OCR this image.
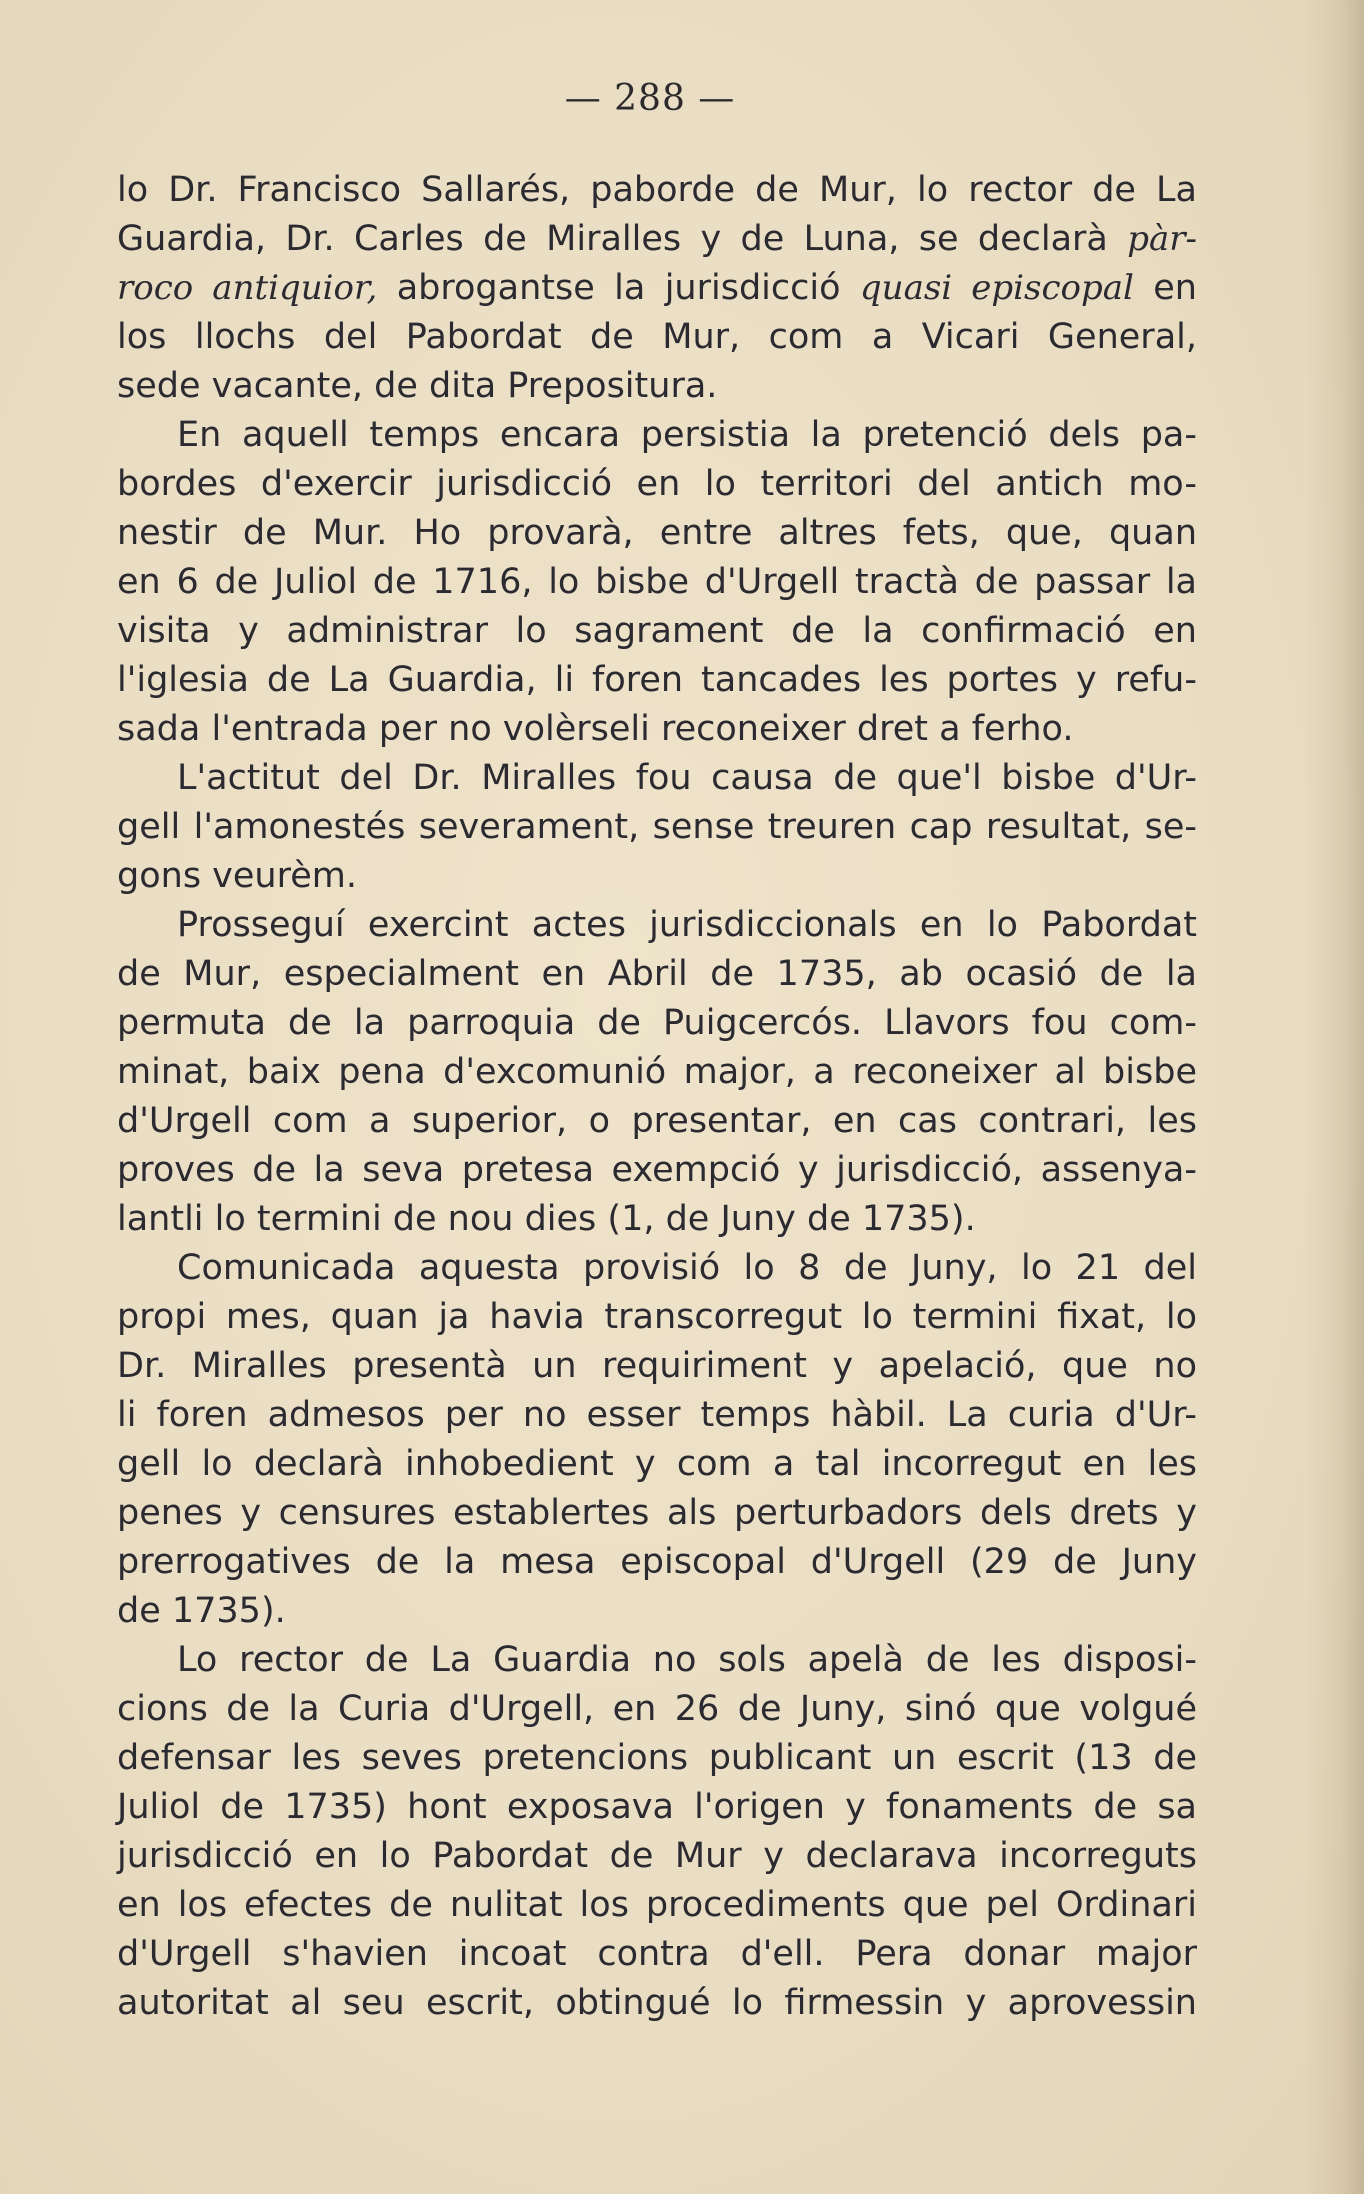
— 288 —
lo Dr. Francisco Sallarés, paborde de Mur, lo rector de La
Guardia, Dr. Carles de Miralles y de Luna, se declarà pàr-
roco antiquior, abrogantse la jurisdicció quasi episcopal en
los llochs del Pabordat de Mur, com a Vicari General,
sede vacante, de dita Prepositura.
En aquell temps encara persistia la pretenció dels pa-
bordes d'exercir jurisdicció en lo territori del antich mo-
nestir de Mur. Ho provarà, entre altres fets, que, quan
en 6 de Juliol de 1716, lo bisbe d'Urgell tractà de passar la
visita y administrar lo sagrament de la confirmació en
l'iglesia de La Guardia, li foren tancades les portes y refu-
sada l'entrada per no volèrseli reconeixer dret a ferho.
L'actitut del Dr. Miralles fou causa de que'l bisbe d'Ur-
gell l'amonestés severament, sense treuren cap resultat, se-
gons veurèm.
Prosseguí exercint actes jurisdiccionals en lo Pabordat
de Mur, especialment en Abril de 1735, ab ocasió de la
permuta de la parroquia de Puigcercós. Llavors fou com-
minat, baix pena d'excomunió major, a reconeixer al bisbe
d'Urgell com a superior, o presentar, en cas contrari, les
proves de la seva pretesa exempció y jurisdicció, assenya-
lantli lo termini de nou dies (1, de Juny de 1735).
Comunicada aquesta provisió lo 8 de Juny, lo 21 del
propi mes, quan ja havia transcorregut lo termini fixat, lo
Dr. Miralles presentà un requiriment y apelació, que no
li foren admesos per no esser temps hàbil. La curia d'Ur-
gell lo declarà inhobedient y com a tal incorregut en les
penes y censures establertes als perturbadors dels drets y
prerrogatives de la mesa episcopal d'Urgell (29 de Juny
de 1735).
Lo rector de La Guardia no sols apelà de les disposi-
cions de la Curia d'Urgell, en 26 de Juny, sinó que volgué
defensar les seves pretencions publicant un escrit (13 de
Juliol de 1735) hont exposava l'origen y fonaments de sa
jurisdicció en lo Pabordat de Mur y declarava incorreguts
en los efectes de nulitat los procediments que pel Ordinari
d'Urgell s'havien incoat contra d'ell. Pera donar major
autoritat al seu escrit, obtingué lo firmessin y aprovessin
